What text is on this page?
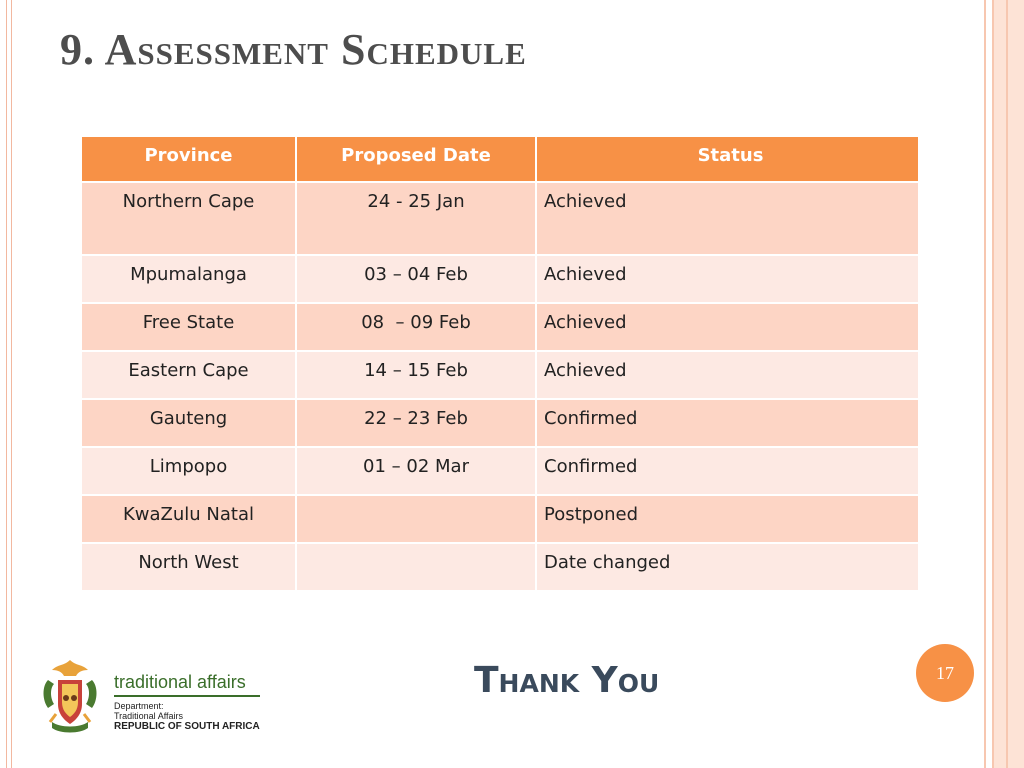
9. Assessment Schedule
Province	Proposed Date	Status
Northern Cape	24 - 25 Jan	Achieved
Mpumalanga	03 – 04 Feb	Achieved
Free State	08  – 09 Feb	Achieved
Eastern Cape	14 – 15 Feb	Achieved
Gauteng	22 – 23 Feb	Confirmed
Limpopo	01 – 02 Mar	Confirmed
KwaZulu Natal		Postponed
North West		Date changed
traditional affairs
Department:
Traditional Affairs
REPUBLIC OF SOUTH AFRICA
Thank You	17
